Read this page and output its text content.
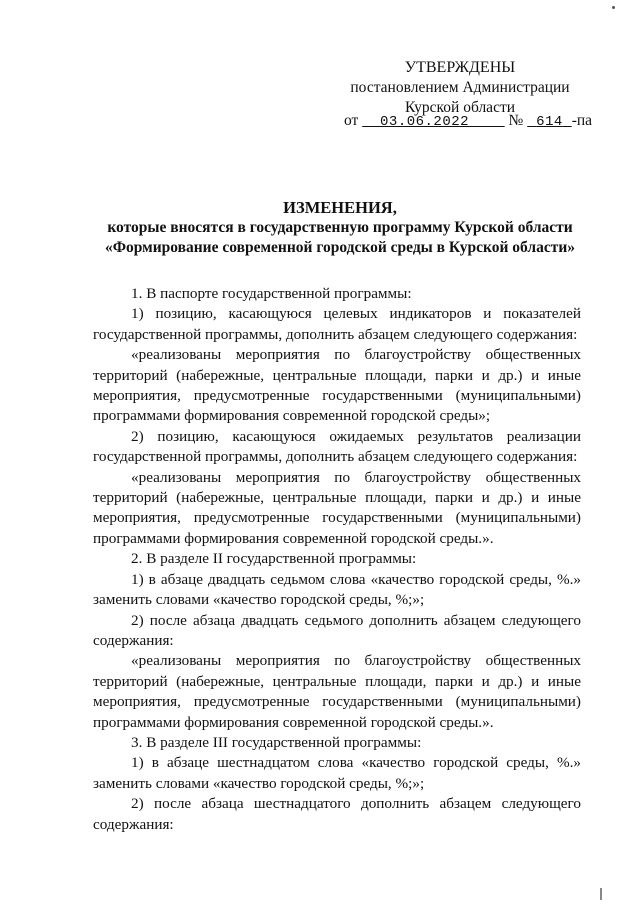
УТВЕРЖДЕНЫ
постановлением Администрации
Курской области
от 03.06.2022	№ 614 -па
ИЗМЕНЕНИЯ,
которые вносятся в государственную программу Курской области
«Формирование современной городской среды в Курской области»

1. В паспорте государственной программы:

1) позицию, касающуюся целевых индикаторов и показателей государственной программы, дополнить абзацем следующего содержания:

«реализованы мероприятия по благоустройству общественных территорий (набережные, центральные площади, парки и др.) и иные мероприятия, предусмотренные государственными (муниципальными) программами формирования современной городской среды»;

2) позицию, касающуюся ожидаемых результатов реализации государственной программы, дополнить абзацем следующего содержания:

«реализованы мероприятия по благоустройству общественных территорий (набережные, центральные площади, парки и др.) и иные мероприятия, предусмотренные государственными (муниципальными) программами формирования современной городской среды.».

2. В разделе II государственной программы:

1) в абзаце двадцать седьмом слова «качество городской среды, %.» заменить словами «качество городской среды, %;»;

2) после абзаца двадцать седьмого дополнить абзацем следующего содержания:

«реализованы мероприятия по благоустройству общественных территорий (набережные, центральные площади, парки и др.) и иные мероприятия, предусмотренные государственными (муниципальными) программами формирования современной городской среды.».

3. В разделе III государственной программы:

1) в абзаце шестнадцатом слова «качество городской среды, %.» заменить словами «качество городской среды, %;»;

2) после абзаца шестнадцатого дополнить абзацем следующего содержания:
